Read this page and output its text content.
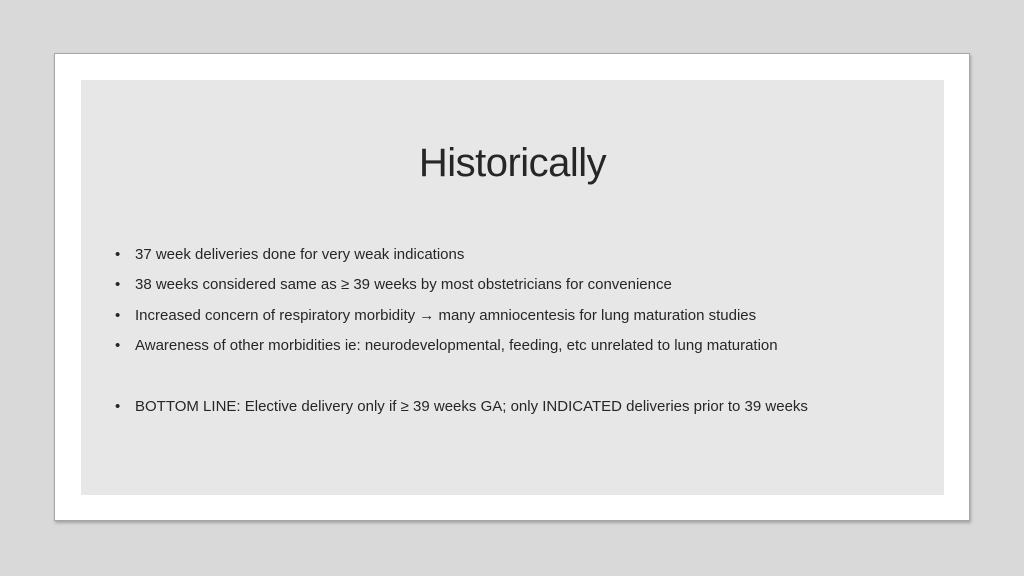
Historically
• 37 week deliveries done for very weak indications
• 38 weeks considered same as ≥ 39 weeks by most obstetricians for convenience
• Increased concern of respiratory morbidity → many amniocentesis for lung maturation studies
• Awareness of other morbidities ie: neurodevelopmental, feeding, etc unrelated to lung maturation
• BOTTOM LINE: Elective delivery only if ≥ 39 weeks GA; only INDICATED deliveries prior to 39 weeks
